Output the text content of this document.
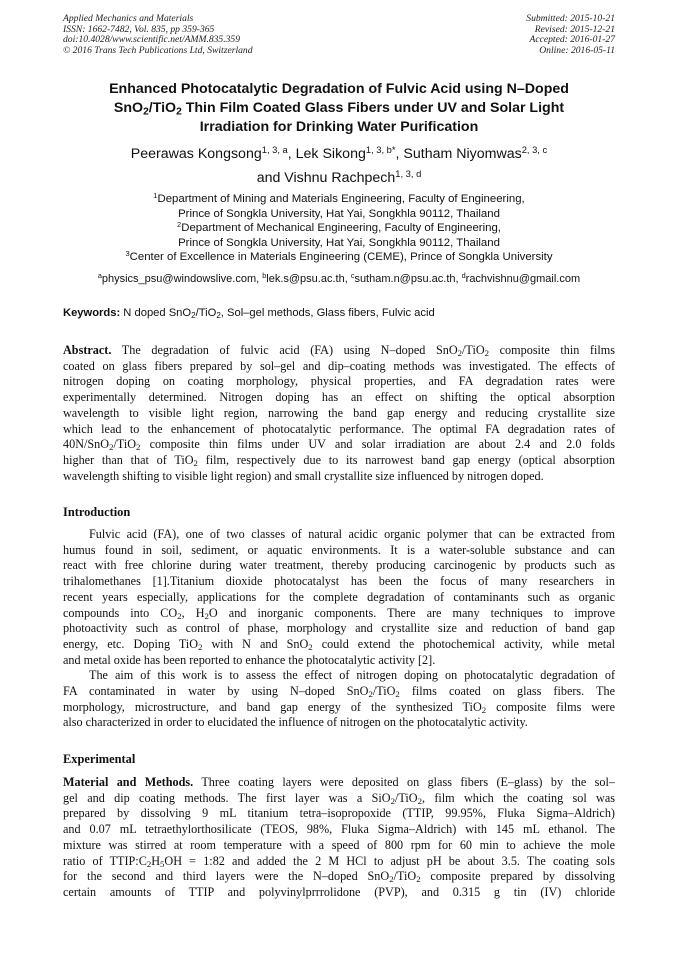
Applied Mechanics and Materials
ISSN: 1662-7482, Vol. 835, pp 359-365
doi:10.4028/www.scientific.net/AMM.835.359
© 2016 Trans Tech Publications Ltd, Switzerland
Submitted: 2015-10-21
Revised: 2015-12-21
Accepted: 2016-01-27
Online: 2016-05-11
Enhanced Photocatalytic Degradation of Fulvic Acid using N–Doped
SnO$_2$/TiO$_2$ Thin Film Coated Glass Fibers under UV and Solar Light
Irradiation for Drinking Water Purification
Peerawas Kongsong$^{1, 3, a}$, Lek Sikong$^{1, 3, b*}$, Sutham Niyomwas$^{2, 3, c}$
and Vishnu Rachpech$^{1, 3, d}$
$^1$Department of Mining and Materials Engineering, Faculty of Engineering,
Prince of Songkla University, Hat Yai, Songkhla 90112, Thailand
$^2$Department of Mechanical Engineering, Faculty of Engineering,
Prince of Songkla University, Hat Yai, Songkhla 90112, Thailand
$^3$Center of Excellence in Materials Engineering (CEME), Prince of Songkla University
$^a$physics_psu@windowslive.com, $^b$lek.s@psu.ac.th, $^c$sutham.n@psu.ac.th, $^d$rachvishnu@gmail.com
Keywords: N doped SnO$_2$/TiO$_2$, Sol–gel methods, Glass fibers, Fulvic acid
Abstract. The degradation of fulvic acid (FA) using N–doped SnO$_2$/TiO$_2$ composite thin films
coated on glass fibers prepared by sol–gel and dip–coating methods was investigated. The effects of
nitrogen doping on coating morphology, physical properties, and FA degradation rates were
experimentally determined. Nitrogen doping has an effect on shifting the optical absorption
wavelength to visible light region, narrowing the band gap energy and reducing crystallite size
which lead to the enhancement of photocatalytic performance. The optimal FA degradation rates of
40N/SnO$_2$/TiO$_2$ composite thin films under UV and solar irradiation are about 2.4 and 2.0 folds
higher than that of TiO$_2$ film, respectively due to its narrowest band gap energy (optical absorption
wavelength shifting to visible light region) and small crystallite size influenced by nitrogen doped.
Introduction
Fulvic acid (FA), one of two classes of natural acidic organic polymer that can be extracted from
humus found in soil, sediment, or aquatic environments. It is a water-soluble substance and can
react with free chlorine during water treatment, thereby producing carcinogenic by products such as
trihalomethanes [1].Titanium dioxide photocatalyst has been the focus of many researchers in
recent years especially, applications for the complete degradation of contaminants such as organic
compounds into $CO_2$, $H_2O$ and inorganic components. There are many techniques to improve
photoactivity such as control of phase, morphology and crystallite size and reduction of band gap
energy, etc. Doping TiO$_2$ with N and SnO$_2$ could extend the photochemical activity, while metal
and metal oxide has been reported to enhance the photocatalytic activity [2].
The aim of this work is to assess the effect of nitrogen doping on photocatalytic degradation of
FA contaminated in water by using N–doped SnO$_2$/TiO$_2$ films coated on glass fibers. The
morphology, microstructure, and band gap energy of the synthesized TiO$_2$ composite films were
also characterized in order to elucidated the influence of nitrogen on the photocatalytic activity.
Experimental
Material and Methods. Three coating layers were deposited on glass fibers (E–glass) by the sol–
gel and dip coating methods. The first layer was a SiO$_2$/TiO$_2$, film which the coating sol was
prepared by dissolving 9 mL titanium tetra–isopropoxide (TTIP, 99.95%, Fluka Sigma–Aldrich)
and 0.07 mL tetraethylorthosilicate (TEOS, 98%, Fluka Sigma–Aldrich) with 145 mL ethanol. The
mixture was stirred at room temperature with a speed of 800 rpm for 60 min to achieve the mole
ratio of $TTIP:C_2H_5OH$ = 1:82 and added the 2 M HCl to adjust pH be about 3.5. The coating sols
for the second and third layers were the N–doped SnO$_2$/TiO$_2$ composite prepared by dissolving
certain amounts of TTIP and polyvinylprrrolidone (PVP), and 0.315 g tin (IV) chloride
